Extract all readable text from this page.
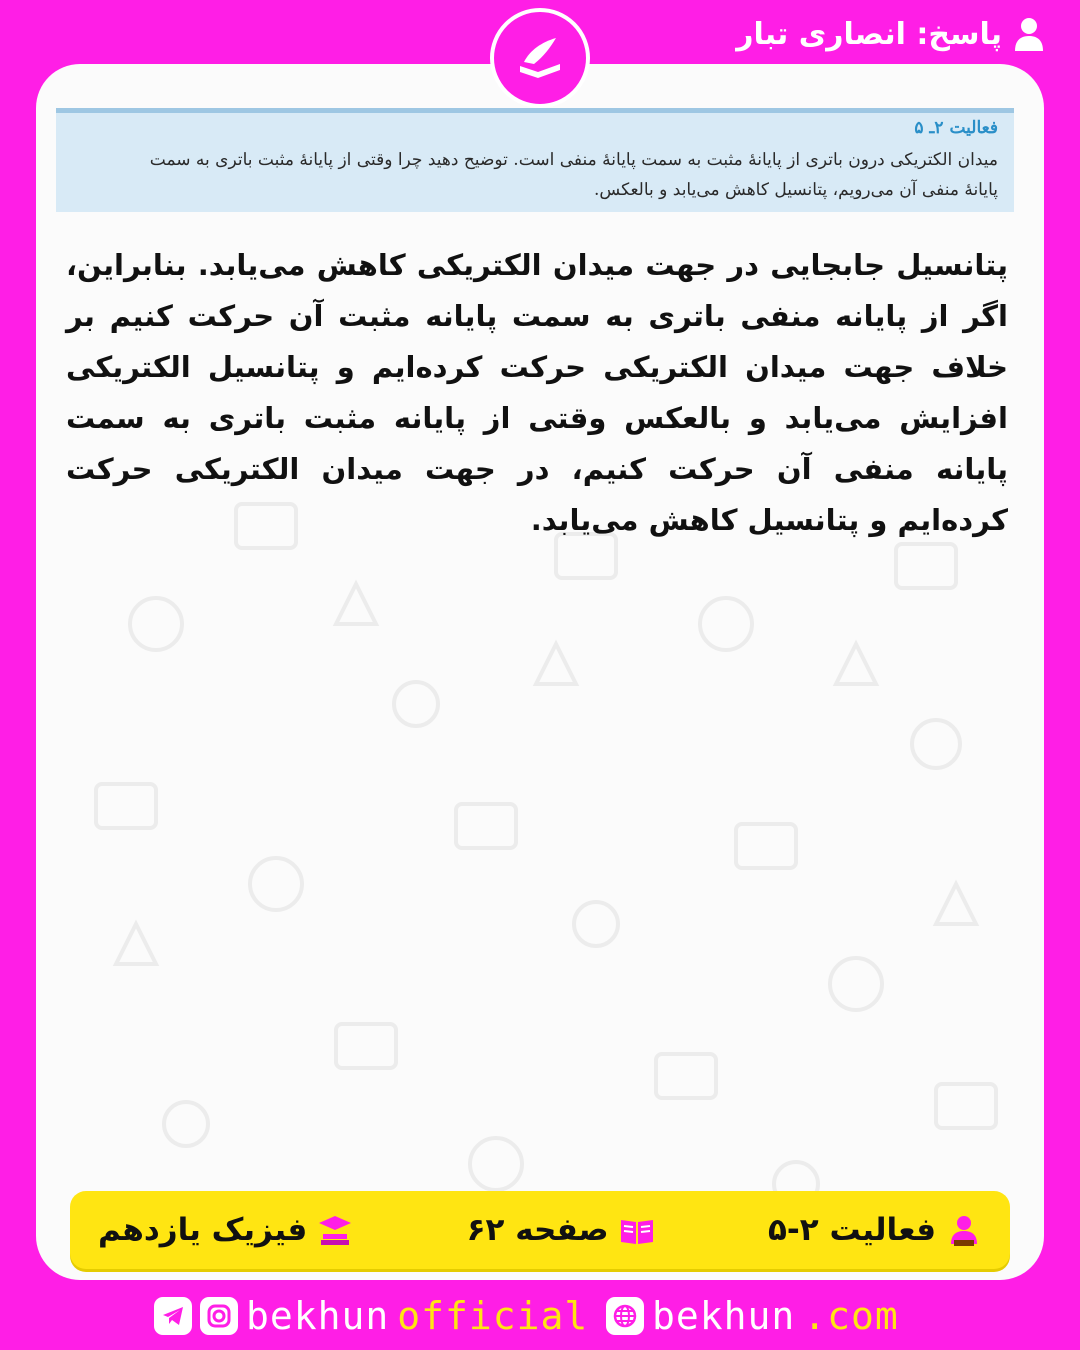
پاسخ: انصاری تبار

فعالیت ۲ـ ۵

میدان الکتریکی درون باتری از پایانهٔ مثبت به سمت پایانهٔ منفی است. توضیح دهید چرا وقتی از پایانهٔ مثبت باتری به سمت

پایانهٔ منفی آن می‌رویم، پتانسیل کاهش می‌یابد و بالعکس.

پتانسیل جابجایی در جهت میدان الکتریکی کاهش می‌یابد. بنابراین، اگر از پایانه منفی باتری به سمت پایانه مثبت آن حرکت کنیم بر خلاف جهت میدان الکتریکی حرکت کرده‌ایم و پتانسیل الکتریکی افزایش می‌یابد و بالعکس وقتی از پایانه مثبت باتری به سمت پایانه منفی آن حرکت کنیم، در جهت میدان الکتریکی حرکت کرده‌ایم و پتانسیل کاهش می‌یابد.

فعالیت ۲-۵
صفحه ۶۲
فیزیک یازدهم
bekhun official bekhun .com
